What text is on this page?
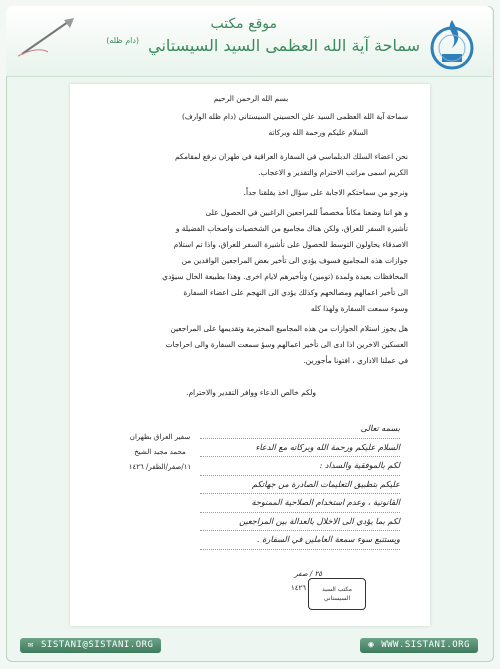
موقع مكتب
سماحة آية الله العظمى السيد السيستاني $^{(دام ظله)}$
بسم الله الرحمن الرحيم
سماحة آية الله العظمى السيد علي الحسيني السيستاني (دام ظله الوارف)
السلام عليكم ورحمة الله وبركاته
نحن اعضاء السلك الدبلماسي في السفارة العراقية في طهران نرفع لمقامكم
الكريم اسمى مراتب الاحترام والتقدير و الاعجاب.
ونرجو من سماحتكم الاجابة على سؤال اخذ يقلقنا جداً.
و هو اننا وضعنا مكاناً مخصصاً للمراجعين الراغبين في الحصول على
تأشيرة السفر للعراق، ولكن هناك مجاميع من الشخصيات واصحاب الفضيلة و
الاصدقاء يحاولون التوسط للحصول على تأشيرة السفر للعراق، واذا تم استلام
جوازات هذه المجاميع فسوف يؤدي الى تأخير بعض المراجعين الوافدين من
المحافظات بعيدة ولمدة (تومين) وتأخيرهم لايام اخرى. وهذا بطبيعة الحال سيؤدي
الى تأخير اعمالهم ومصالحهم وكذلك يؤدي الى التهجم على اعضاء السفارة
وسوء سمعت السفارة ولهذا كله
هل يجوز استلام الجوازات من هذه المجاميع المحترمة وتقديمها على المراجعين
العسكين الاخرين اذا ادى الى تأخير اعمالهم وسؤ سمعت السفارة والى احراجات
في عملنا الاداري ، افتونا مأجورين.
ولكم خالص الدعاء ووافر التقدير والاحترام.
بسمه تعالى
السلام عليكم ورحمة الله وبركاته مع الدعاء
لكم بالموفقية والسداد :
عليكم بتطبيق التعليمات الصادرة من جهاتكم
القانونية ، وعدم استخدام الصلاحية الممنوحة
لكم بما يؤدي الى الاخلال بالعدالة بين المراجعين
ويستتبع سوء سمعة العاملين في السفارة .
سفير العراق بطهران
محمد مجيد الشيخ
١١/صفر/الظفر/ ١٤٢٦
٢٥ / صفر
١٤٢٦	مكتب السيد السيستاني
✉ SISTANI@SISTANI.ORG	◉ WWW.SISTANI.ORG
